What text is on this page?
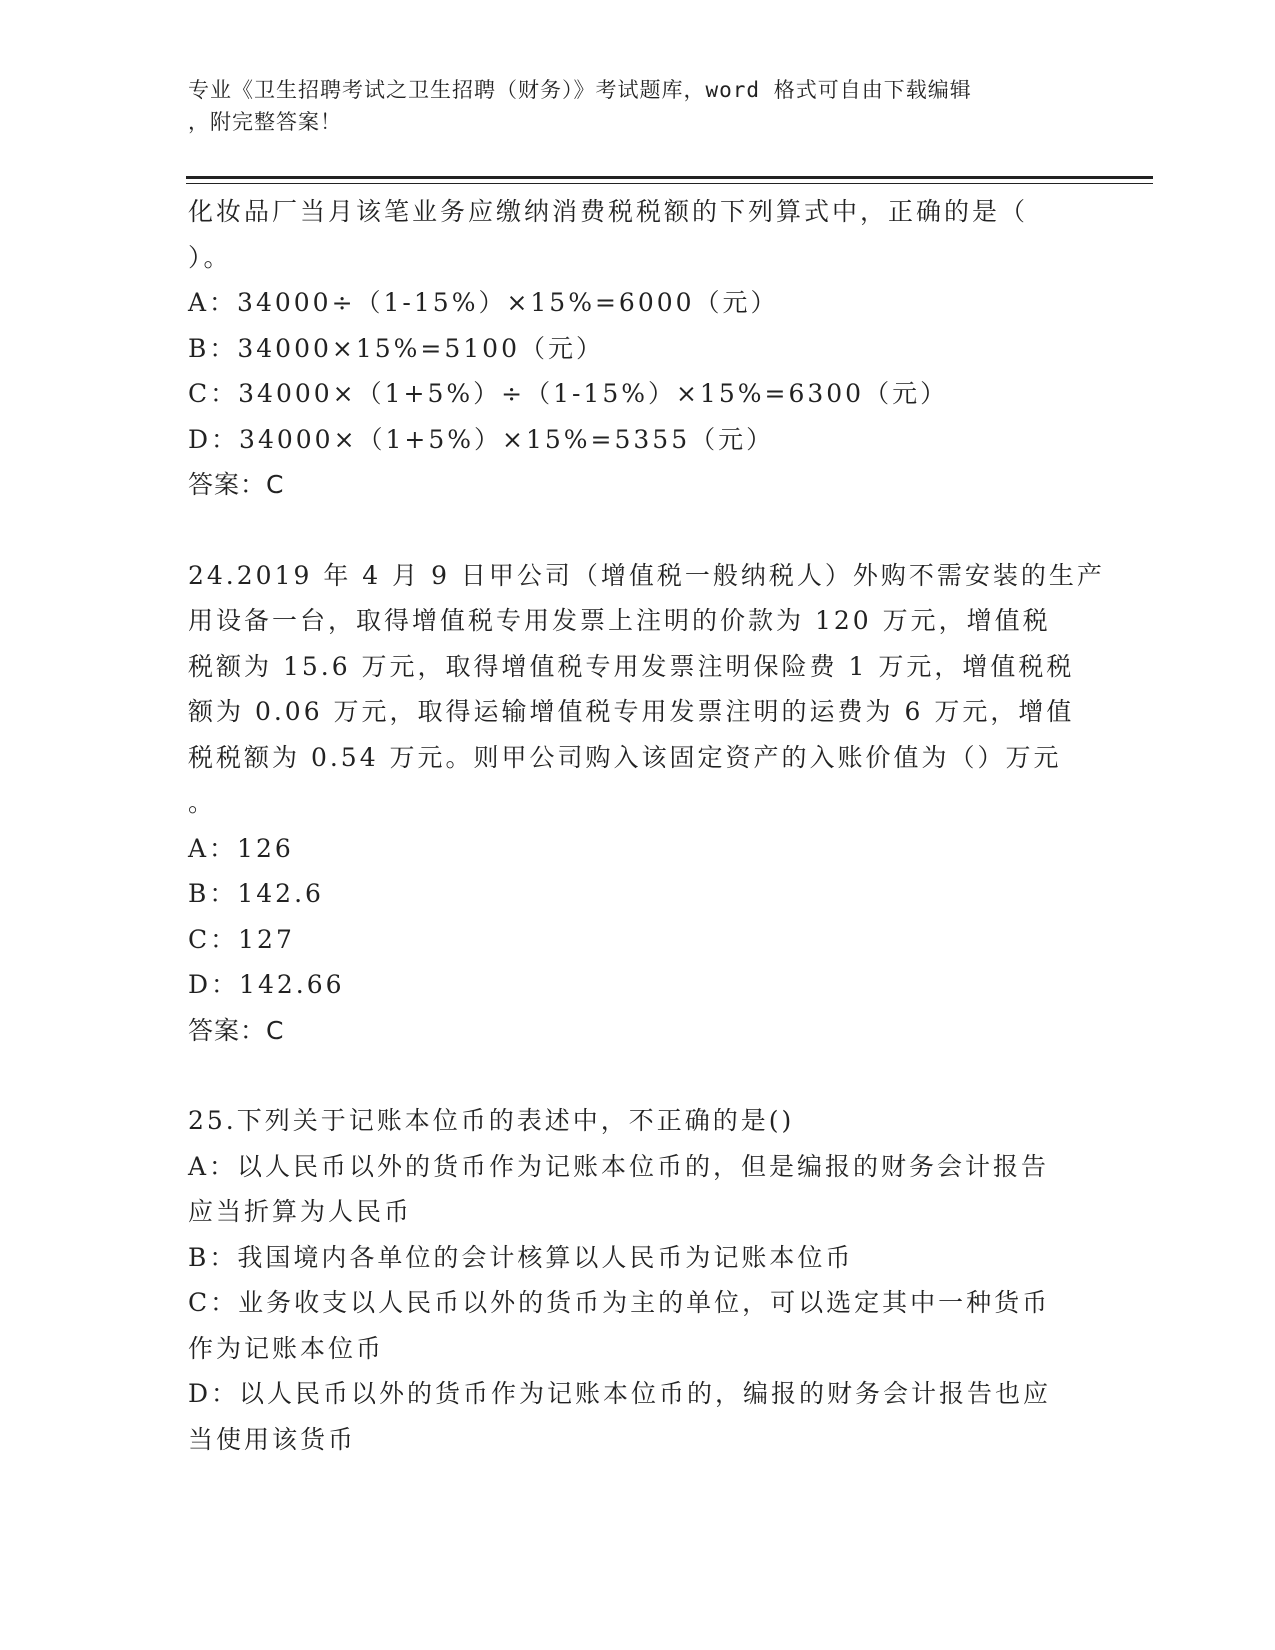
专业《卫生招聘考试之卫生招聘（财务）》考试题库，word 格式可自由下载编辑
，附完整答案！
化妆品厂当月该笔业务应缴纳消费税税额的下列算式中，正确的是（
）。
A：34000÷（1-15%）×15%=6000（元）
B：34000×15%=5100（元）
C：34000×（1+5%）÷（1-15%）×15%=6300（元）
D：34000×（1+5%）×15%=5355（元）
答案：C
24.2019 年 4 月 9 日甲公司（增值税一般纳税人）外购不需安装的生产
用设备一台，取得增值税专用发票上注明的价款为 120 万元，增值税
税额为 15.6 万元，取得增值税专用发票注明保险费 1 万元，增值税税
额为 0.06 万元，取得运输增值税专用发票注明的运费为 6 万元，增值
税税额为 0.54 万元。则甲公司购入该固定资产的入账价值为（）万元
。
A：126
B：142.6
C：127
D：142.66
答案：C
25.下列关于记账本位币的表述中，不正确的是()
A：以人民币以外的货币作为记账本位币的，但是编报的财务会计报告
应当折算为人民币
B：我国境内各单位的会计核算以人民币为记账本位币
C：业务收支以人民币以外的货币为主的单位，可以选定其中一种货币
作为记账本位币
D：以人民币以外的货币作为记账本位币的，编报的财务会计报告也应
当使用该货币
